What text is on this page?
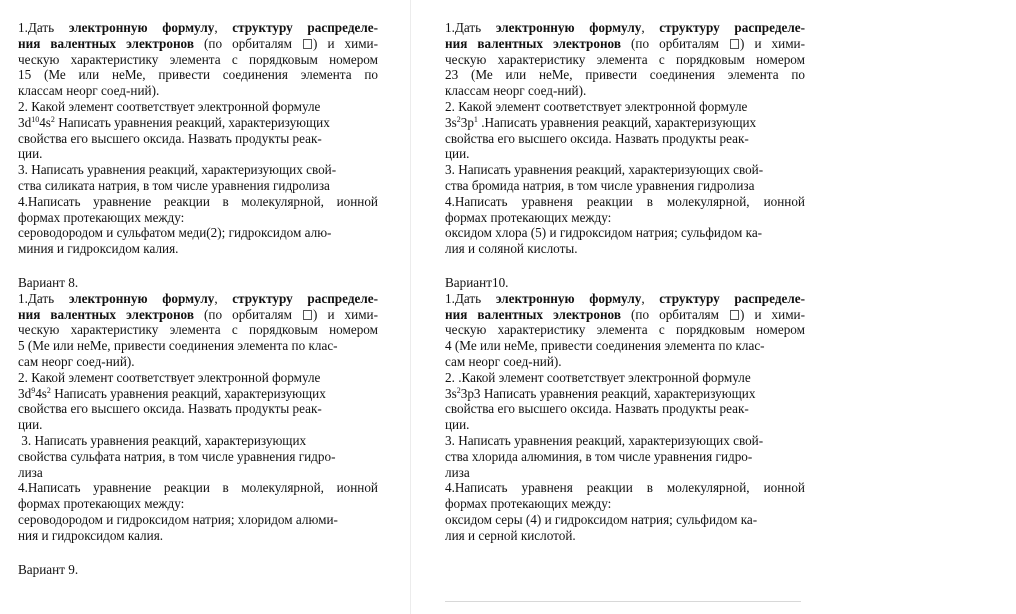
1.Дать электронную формулу, структуру распределе-
ния валентных электронов (по орбиталям ) и хими-
ческую характеристику элемента с порядковым номером
15 (Ме или неМе, привести соединения элемента по
классам неорг соед-ний).
2. Какой элемент соответствует электронной формуле
$3d^{10}4s^2$ Написать уравнения реакций, характеризующих
свойства его высшего оксида. Назвать продукты реак-
ции.
3. Написать уравнения реакций, характеризующих свой-
ства силиката натрия, в том числе уравнения гидролиза
4.Написать уравнение реакции в молекулярной, ионной
формах протекающих между:
сероводородом и сульфатом меди(2); гидроксидом алю-
миния и гидроксидом калия.
Вариант 8.
1.Дать электронную формулу, структуру распределе-
ния валентных электронов (по орбиталям ) и хими-
ческую характеристику элемента с порядковым номером
5 (Ме или неМе, привести соединения элемента по клас-
сам неорг соед-ний).
2. Какой элемент соответствует электронной формуле
$3d^94s^2$ Написать уравнения реакций, характеризующих
свойства его высшего оксида. Назвать продукты реак-
ции.
3. Написать уравнения реакций, характеризующих
свойства сульфата натрия, в том числе уравнения гидро-
лиза
4.Написать уравнение реакции в молекулярной, ионной
формах протекающих между:
сероводородом и гидроксидом натрия; хлоридом алюми-
ния и гидроксидом калия.
Вариант 9.
1.Дать электронную формулу, структуру распределе-
ния валентных электронов (по орбиталям ) и хими-
ческую характеристику элемента с порядковым номером
23 (Ме или неМе, привести соединения элемента по
классам неорг соед-ний).
2. Какой элемент соответствует электронной формуле
$3s^23p^1$ .Написать уравнения реакций, характеризующих
свойства его высшего оксида. Назвать продукты реак-
ции.
3. Написать уравнения реакций, характеризующих свой-
ства бромида натрия, в том числе уравнения гидролиза
4.Написать уравненя реакции в молекулярной, ионной
формах протекающих между:
оксидом хлора (5) и гидроксидом натрия; сульфидом ка-
лия и соляной кислоты.
Вариант10.
1.Дать электронную формулу, структуру распределе-
ния валентных электронов (по орбиталям ) и хими-
ческую характеристику элемента с порядковым номером
4 (Ме или неМе, привести соединения элемента по клас-
сам неорг соед-ний).
2. .Какой элемент соответствует электронной формуле
$3s^23p3$ Написать уравнения реакций, характеризующих
свойства его высшего оксида. Назвать продукты реак-
ции.
3. Написать уравнения реакций, характеризующих свой-
ства хлорида алюминия, в том числе уравнения гидро-
лиза
4.Написать уравненя реакции в молекулярной, ионной
формах протекающих между:
оксидом серы (4) и гидроксидом натрия; сульфидом ка-
лия и серной кислотой.
